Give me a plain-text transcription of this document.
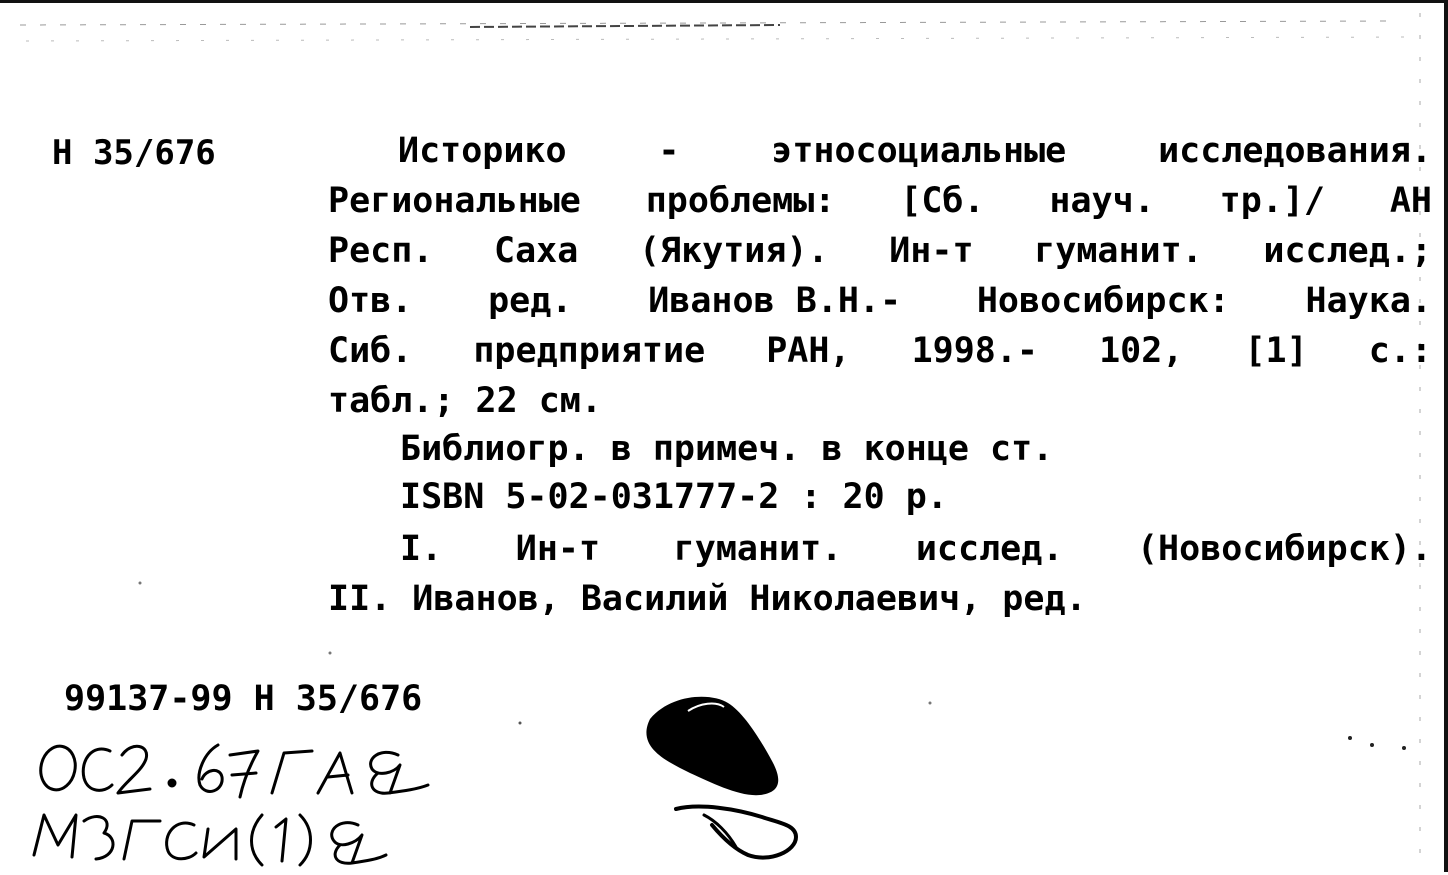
Н 35/676	Историко	-	этносоциальные	исследования.
Региональные проблемы: [Сб. науч. тр.]/ АН
Респ. Саха (Якутия). Ин-т гуманит. исслед.;
Отв. ред. Иванов В.Н.- Новосибирск: Наука.
Сиб. предприятие РАН, 1998.- 102, [1] с.:
табл.; 22 см.
Библиогр. в примеч. в конце ст.
ISBN 5-02-031777-2 : 20 р.
I. Ин-т гуманит. исслед. (Новосибирск).
II. Иванов, Василий Николаевич, ред.
99137-99 Н 35/676
